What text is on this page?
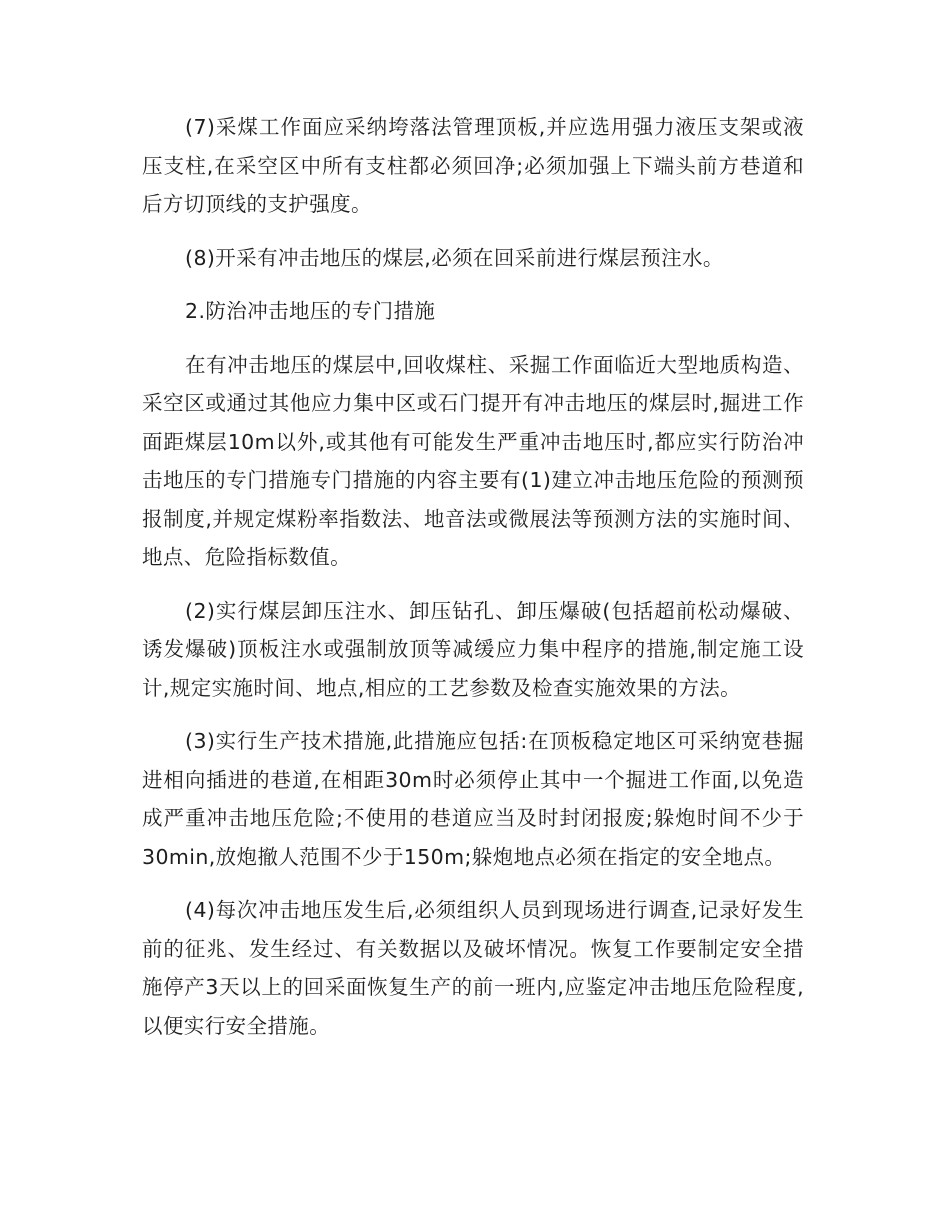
(7)采煤工作面应采纳垮落法管理顶板,并应选用强力液压支架或液压支柱,在采空区中所有支柱都必须回净;必须加强上下端头前方巷道和后方切顶线的支护强度。

(8)开采有冲击地压的煤层,必须在回采前进行煤层预注水。

2.防治冲击地压的专门措施

在有冲击地压的煤层中,回收煤柱、采掘工作面临近大型地质构造、采空区或通过其他应力集中区或石门提开有冲击地压的煤层时,掘进工作面距煤层10m以外,或其他有可能发生严重冲击地压时,都应实行防治冲击地压的专门措施专门措施的内容主要有(1)建立冲击地压危险的预测预报制度,并规定煤粉率指数法、地音法或微展法等预测方法的实施时间、地点、危险指标数值。

(2)实行煤层卸压注水、卸压钻孔、卸压爆破(包括超前松动爆破、诱发爆破)顶板注水或强制放顶等减缓应力集中程序的措施,制定施工设计,规定实施时间、地点,相应的工艺参数及检查实施效果的方法。

(3)实行生产技术措施,此措施应包括:在顶板稳定地区可采纳宽巷掘进相向插进的巷道,在相距30m时必须停止其中一个掘进工作面,以免造成严重冲击地压危险;不使用的巷道应当及时封闭报废;躲炮时间不少于30min,放炮撤人范围不少于150m;躲炮地点必须在指定的安全地点。

(4)每次冲击地压发生后,必须组织人员到现场进行调查,记录好发生前的征兆、发生经过、有关数据以及破坏情况。恢复工作要制定安全措施停产3天以上的回采面恢复生产的前一班内,应鉴定冲击地压危险程度,以便实行安全措施。
